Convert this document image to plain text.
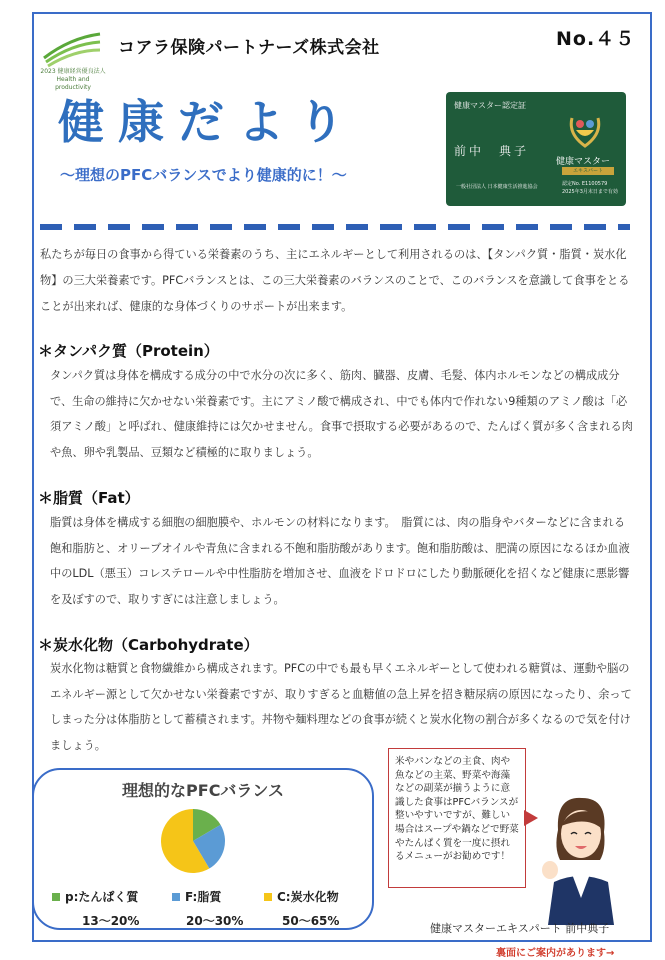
2023 健康経営優良法人 Health and productivity
コアラ保険パートナーズ株式会社	No.４５
健康だより
～理想のPFCバランスでより健康的に！～
健康マスター認定証
前中　典子
健康マスター
エキスパート
認定No. E1100579
2025年3月末日まで有効
一般社団法人 日本健康生活推進協会

私たちが毎日の食事から得ている栄養素のうち、主にエネルギーとして利用されるのは、【タンパク質・脂質・炭水化物】の三大栄養素です。PFCバランスとは、この三大栄養素のバランスのことで、このバランスを意識して食事をとることが出来れば、健康的な身体づくりのサポートが出来ます。

＊タンパク質（Protein）

タンパク質は身体を構成する成分の中で水分の次に多く、筋肉、臓器、皮膚、毛髪、体内ホルモンなどの構成成分で、生命の維持に欠かせない栄養素です。主にアミノ酸で構成され、中でも体内で作れない9種類のアミノ酸は「必須アミノ酸」と呼ばれ、健康維持には欠かせません。食事で摂取する必要があるので、たんぱく質が多く含まれる肉や魚、卵や乳製品、豆類など積極的に取りましょう。

＊脂質（Fat）

脂質は身体を構成する細胞の細胞膜や、ホルモンの材料になります。　脂質には、肉の脂身やバターなどに含まれる飽和脂肪と、オリーブオイルや青魚に含まれる不飽和脂肪酸があります。飽和脂肪酸は、肥満の原因になるほか血液中のLDL（悪玉）コレステロールや中性脂肪を増加させ、血液をドロドロにしたり動脈硬化を招くなど健康に悪影響を及ぼすので、取りすぎには注意しましょう。

＊炭水化物（Carbohydrate）

炭水化物は糖質と食物繊維から構成されます。PFCの中でも最も早くエネルギーとして使われる糖質は、運動や脳のエネルギー源として欠かせない栄養素ですが、取りすぎると血糖値の急上昇を招き糖尿病の原因になったり、余ってしまった分は体脂肪として蓄積されます。丼物や麺料理などの食事が続くと炭水化物の割合が多くなるので気を付けましょう。

理想的なPFCバランス
p:たんぱく質	F:脂質	C:炭水化物
13～20%	20～30%	50～65%
米やパンなどの主食、肉や魚などの主菜、野菜や海藻などの副菜が揃うように意識した食事はPFCバランスが整いやすいですが、難しい場合はスープや鍋などで野菜やたんぱく質を一度に摂れるメニューがお勧めです！
健康マスターエキスパート 前中典子
裏面にご案内があります→
